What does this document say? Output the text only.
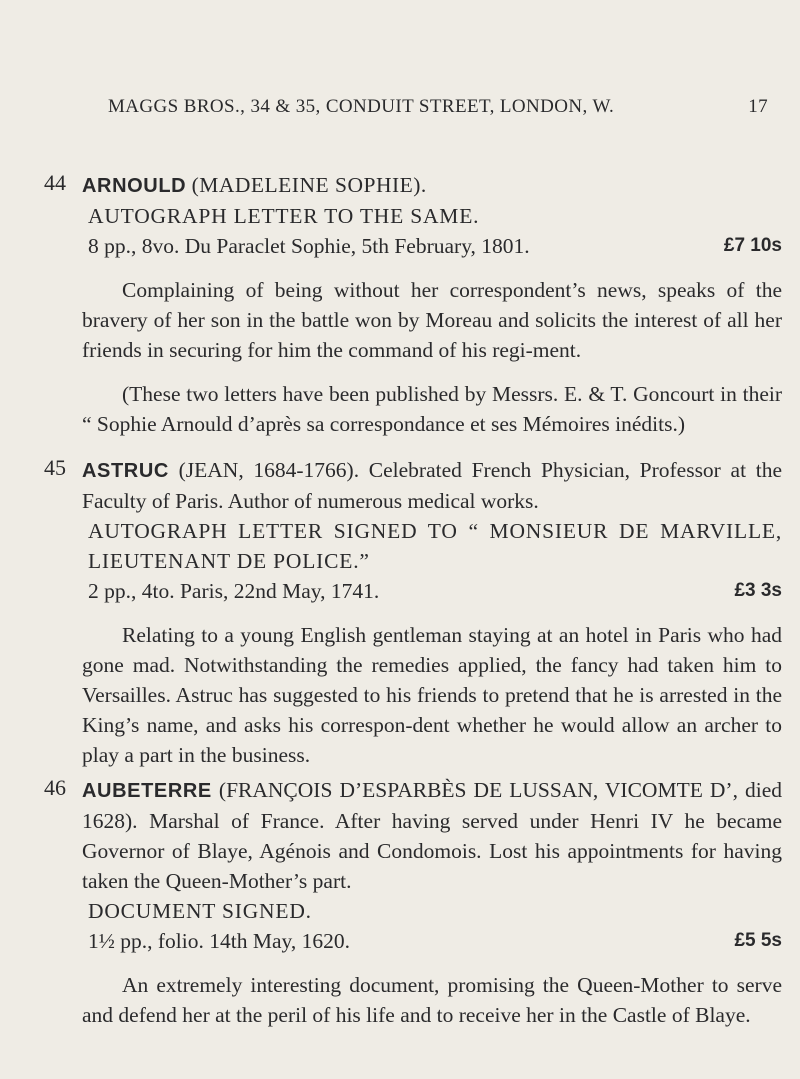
MAGGS BROS., 34 & 35, CONDUIT STREET, LONDON, W.	17
44 ARNOULD (MADELEINE SOPHIE).
AUTOGRAPH LETTER TO THE SAME.
8 pp., 8vo. Du Paraclet Sophie, 5th February, 1801.	£7 10s
Complaining of being without her correspondent’s news, speaks of the bravery of her son in the battle won by Moreau and solicits the interest of all her friends in securing for him the command of his regi-ment.
(These two letters have been published by Messrs. E. & T. Goncourt in their “ Sophie Arnould d’après sa correspondance et ses Mémoires inédits.)
45 ASTRUC (JEAN, 1684-1766). Celebrated French Physician, Professor at the Faculty of Paris. Author of numerous medical works.
AUTOGRAPH LETTER SIGNED TO “ MONSIEUR DE MARVILLE, LIEUTENANT DE POLICE.”
2 pp., 4to. Paris, 22nd May, 1741.	£3 3s
Relating to a young English gentleman staying at an hotel in Paris who had gone mad. Notwithstanding the remedies applied, the fancy had taken him to Versailles. Astruc has suggested to his friends to pretend that he is arrested in the King’s name, and asks his correspon-dent whether he would allow an archer to play a part in the business.
46 AUBETERRE (FRANÇOIS D’ESPARBÈS DE LUSSAN, VICOMTE D’, died 1628). Marshal of France. After having served under Henri IV he became Governor of Blaye, Agénois and Condomois. Lost his appointments for having taken the Queen-Mother’s part.
DOCUMENT SIGNED.
1½ pp., folio. 14th May, 1620.	£5 5s
An extremely interesting document, promising the Queen-Mother to serve and defend her at the peril of his life and to receive her in the Castle of Blaye.
